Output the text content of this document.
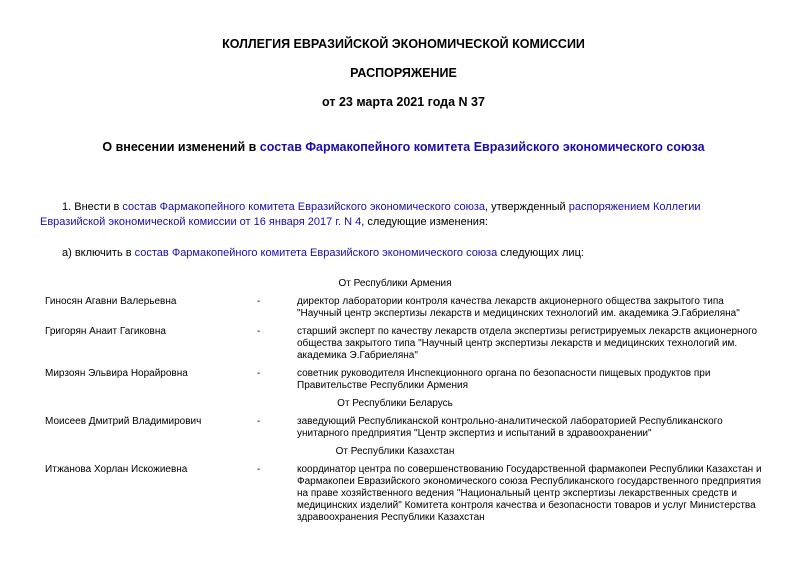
КОЛЛЕГИЯ ЕВРАЗИЙСКОЙ ЭКОНОМИЧЕСКОЙ КОМИССИИ
РАСПОРЯЖЕНИЕ
от 23 марта 2021 года N 37
О внесении изменений в состав Фармакопейного комитета Евразийского экономического союза
1. Внести в состав Фармакопейного комитета Евразийского экономического союза, утвержденный распоряжением Коллегии Евразийской экономической комиссии от 16 января 2017 г. N 4, следующие изменения:
а) включить в состав Фармакопейного комитета Евразийского экономического союза следующих лиц:
От Республики Армения
Гиносян Агавни Валерьевна	-	директор лаборатории контроля качества лекарств акционерного общества закрытого типа "Научный центр экспертизы лекарств и медицинских технологий им. академика Э.Габриеляна"
Григорян Анаит Гагиковна	-	старший эксперт по качеству лекарств отдела экспертизы регистрируемых лекарств акционерного общества закрытого типа "Научный центр экспертизы лекарств и медицинских технологий им. академика Э.Габриеляна"
Мирзоян Эльвира Норайровна	-	советник руководителя Инспекционного органа по безопасности пищевых продуктов при Правительстве Республики Армения
От Республики Беларусь
Моисеев Дмитрий Владимирович	-	заведующий Республиканской контрольно-аналитической лабораторией Республиканского унитарного предприятия "Центр экспертиз и испытаний в здравоохранении"
От Республики Казахстан
Итжанова Хорлан Искожиевна	-	координатор центра по совершенствованию Государственной фармакопеи Республики Казахстан и Фармакопеи Евразийского экономического союза Республиканского государственного предприятия на праве хозяйственного ведения "Национальный центр экспертизы лекарственных средств и медицинских изделий" Комитета контроля качества и безопасности товаров и услуг Министерства здравоохранения Республики Казахстан
